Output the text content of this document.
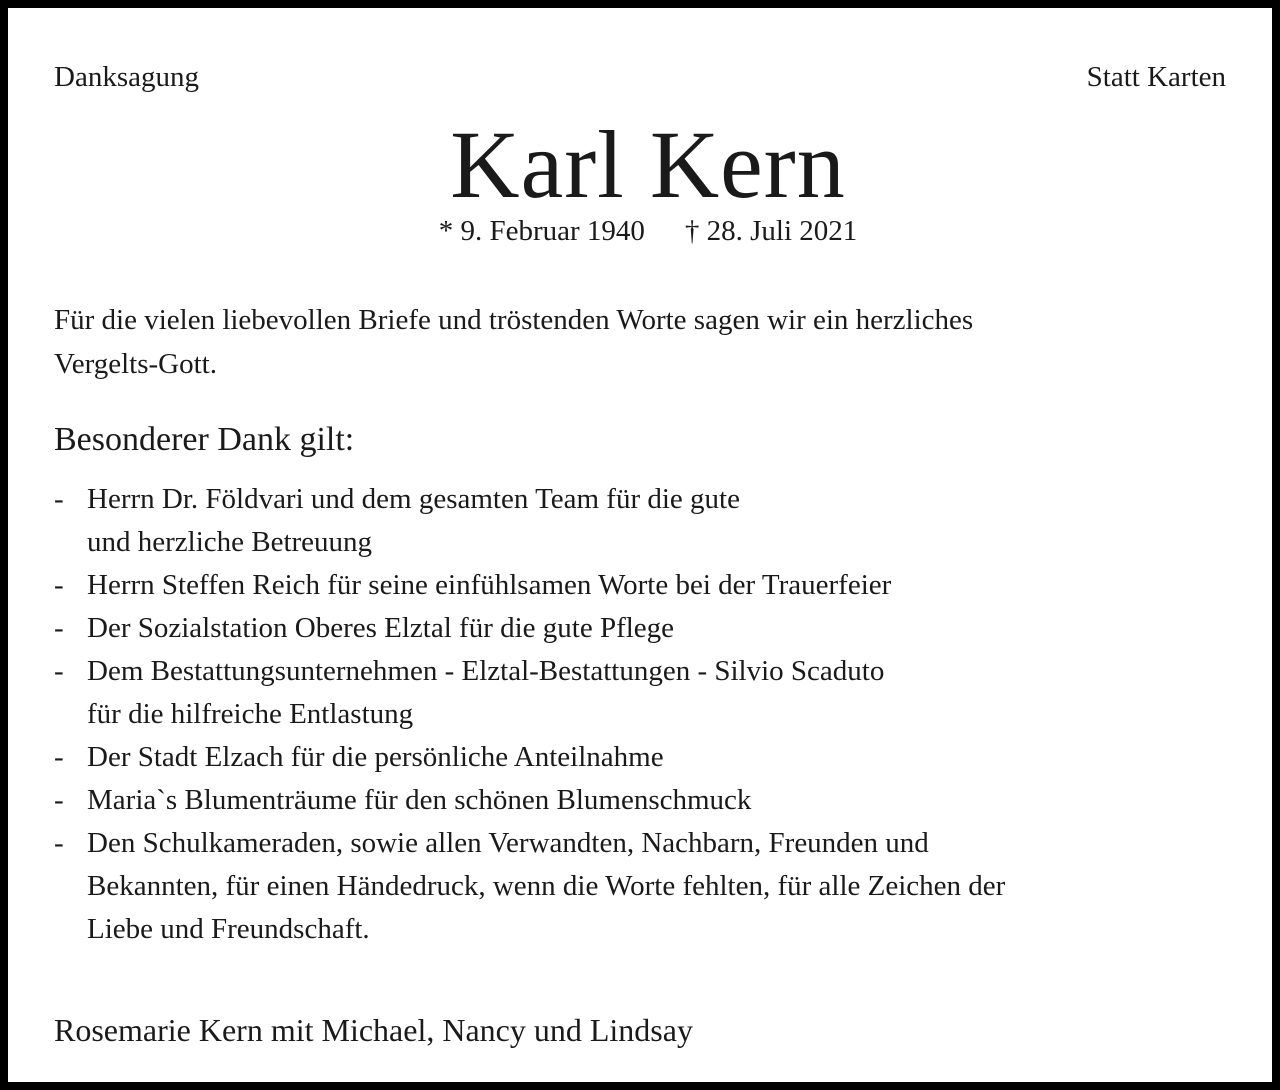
Danksagung	Statt Karten
Karl Kern
* 9. Februar 1940 † 28. Juli 2021
Für die vielen liebevollen Briefe und tröstenden Worte sagen wir ein herzliches
Vergelts-Gott.
Besonderer Dank gilt:
- Herrn Dr. Földvari und dem gesamten Team für die gute
und herzliche Betreuung
- Herrn Steffen Reich für seine einfühlsamen Worte bei der Trauerfeier
- Der Sozialstation Oberes Elztal für die gute Pflege
- Dem Bestattungsunternehmen - Elztal-Bestattungen - Silvio Scaduto
für die hilfreiche Entlastung
- Der Stadt Elzach für die persönliche Anteilnahme
- Maria`s Blumenträume für den schönen Blumenschmuck
- Den Schulkameraden, sowie allen Verwandten, Nachbarn, Freunden und
Bekannten, für einen Händedruck, wenn die Worte fehlten, für alle Zeichen der
Liebe und Freundschaft.
Rosemarie Kern mit Michael, Nancy und Lindsay
